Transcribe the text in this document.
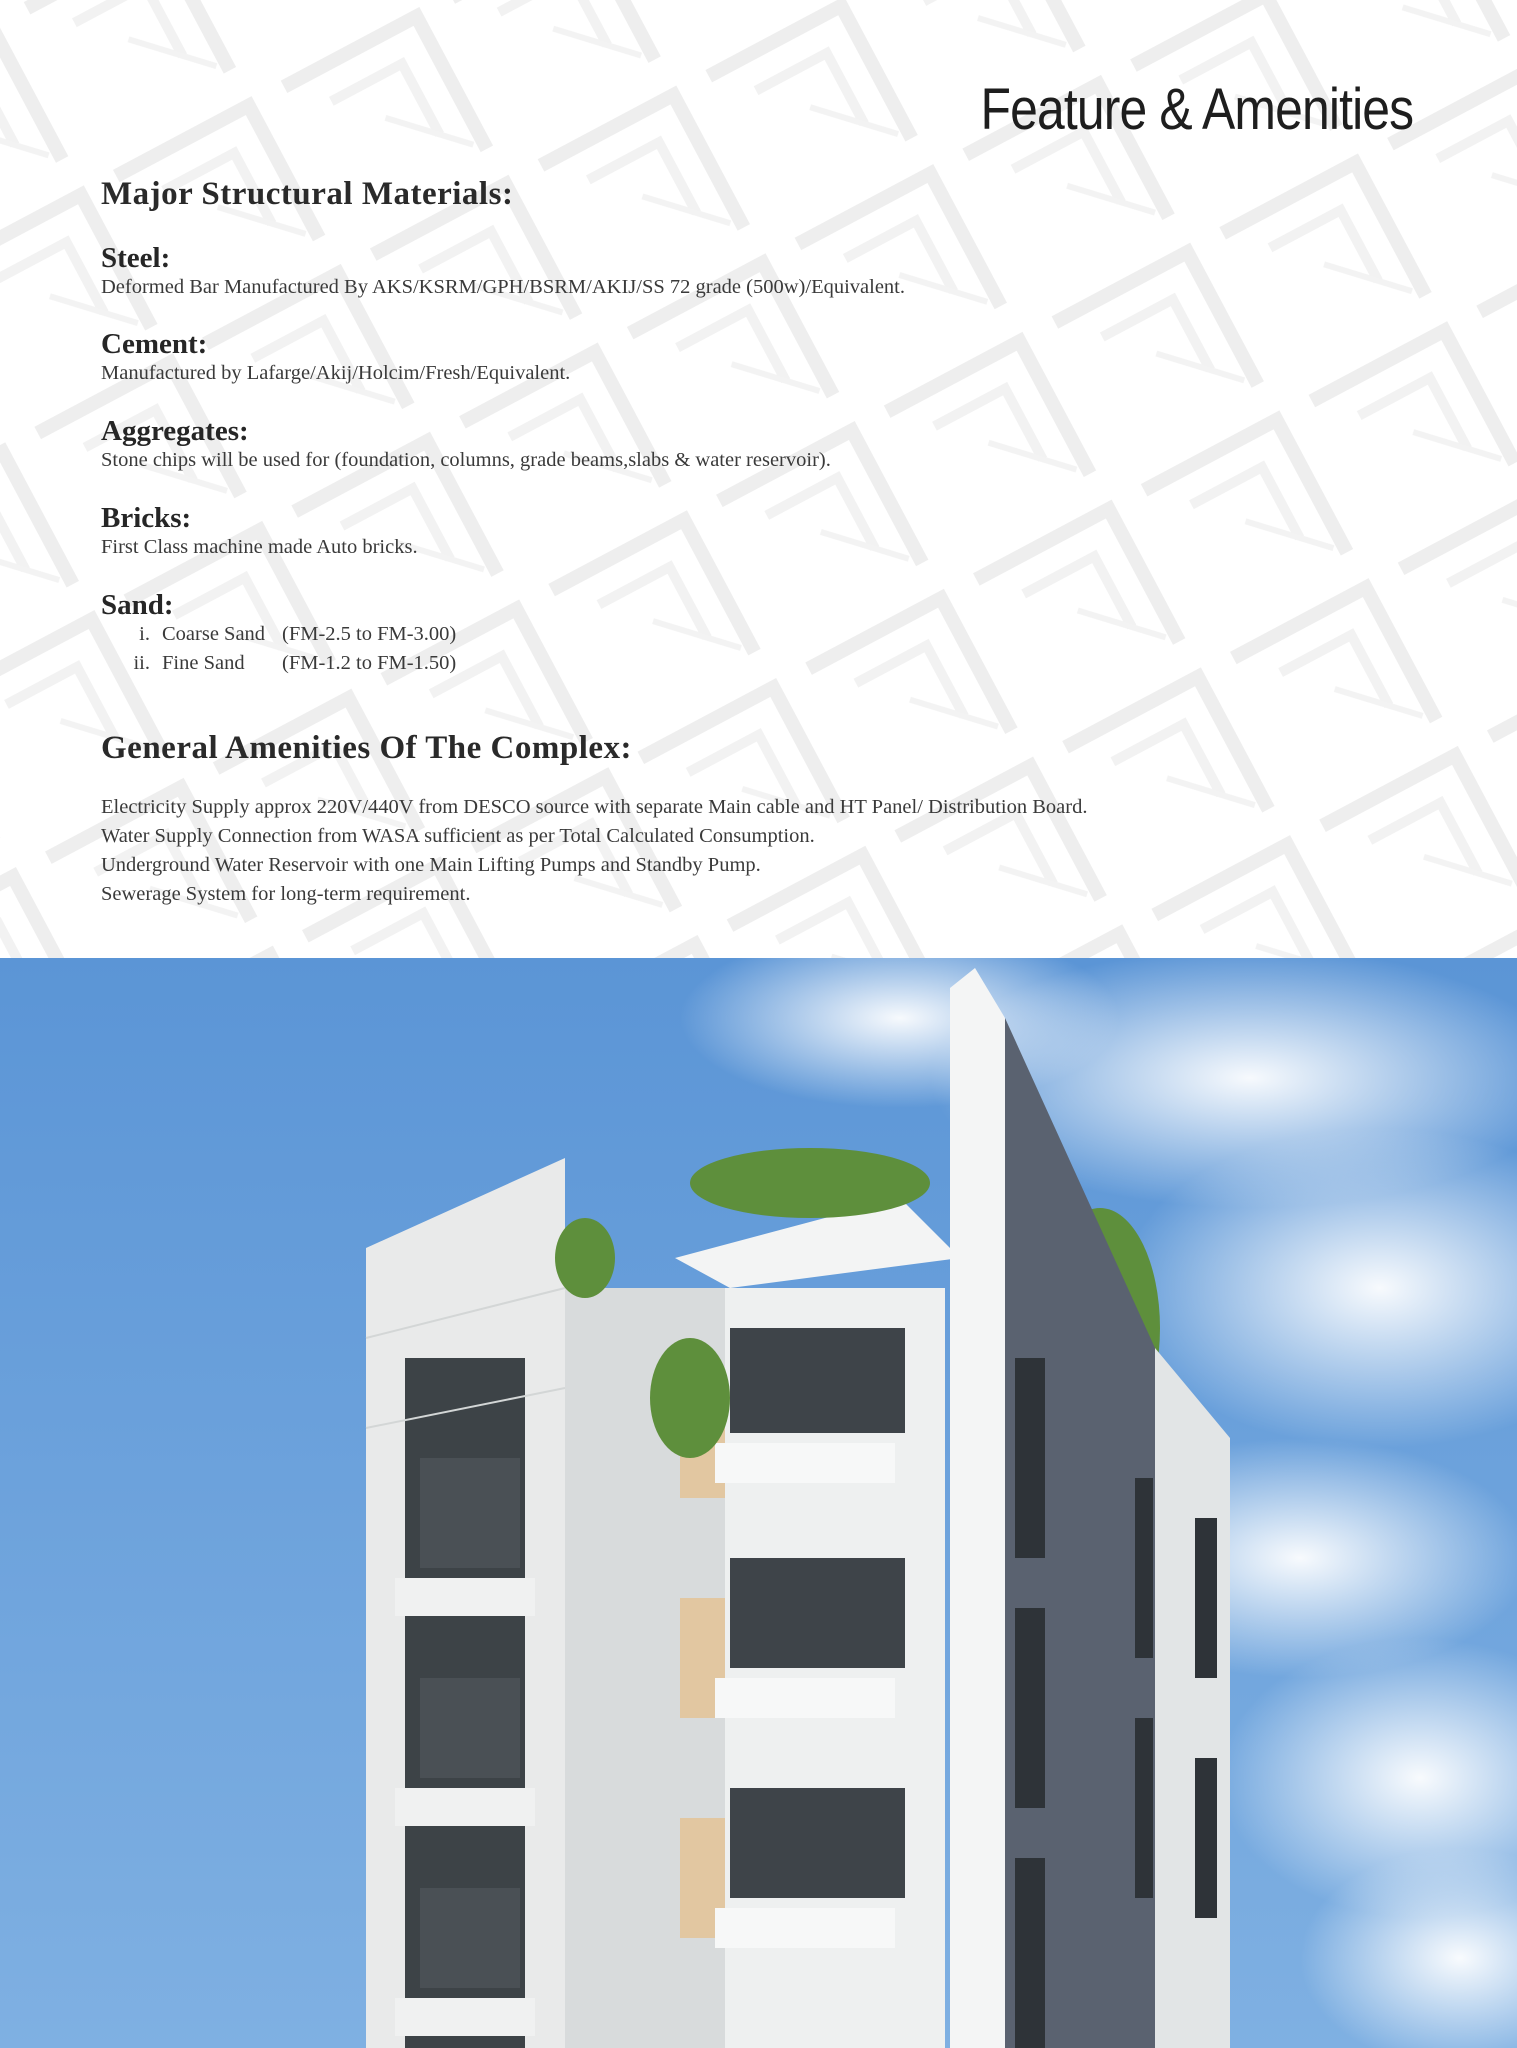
Feature & Amenities
Major Structural Materials:
Steel:

Deformed Bar Manufactured By AKS/KSRM/GPH/BSRM/AKIJ/SS 72 grade (500w)/Equivalent.

Cement:

Manufactured by Lafarge/Akij/Holcim/Fresh/Equivalent.

Aggregates:

Stone chips will be used for (foundation, columns, grade beams,slabs & water reservoir).

Bricks:

First Class machine made Auto bricks.

Sand:
i. Coarse Sand (FM-2.5 to FM-3.00)
ii. Fine Sand (FM-1.2 to FM-1.50)
General Amenities Of The Complex:

Electricity Supply approx 220V/440V from DESCO source with separate Main cable and HT Panel/ Distribution Board.

Water Supply Connection from WASA sufficient as per Total Calculated Consumption.

Underground Water Reservoir with one Main Lifting Pumps and Standby Pump.

Sewerage System for long-term requirement.
